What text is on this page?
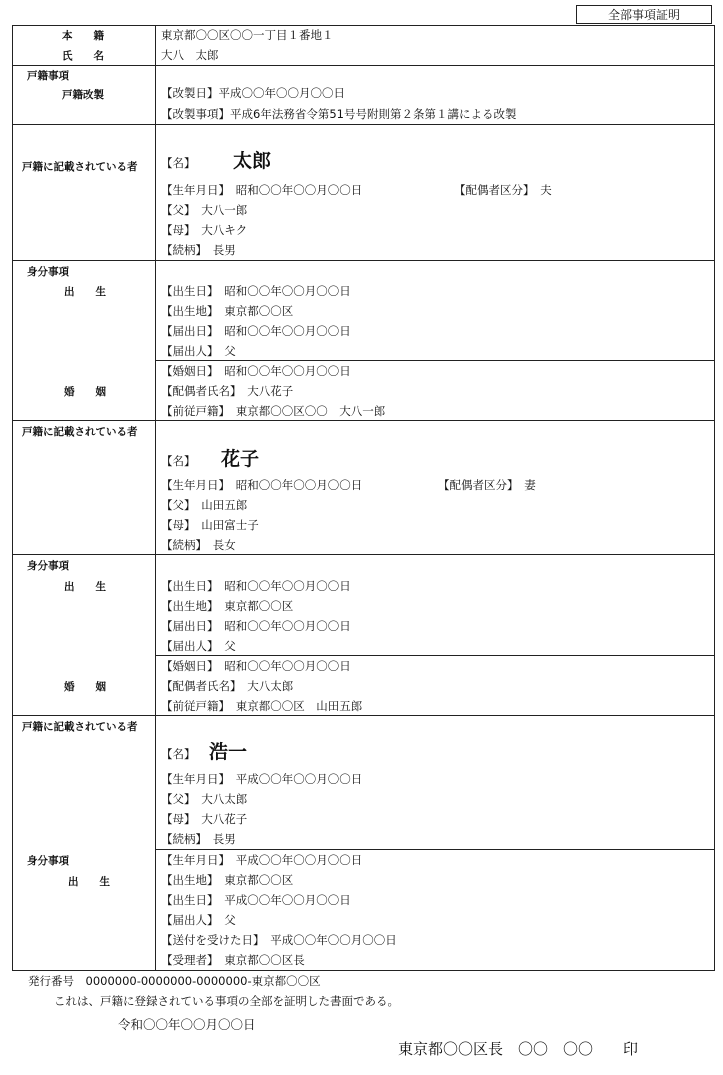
全部事項証明
本　　籍	東京都〇〇区〇〇一丁目１番地１
氏　　名	大八　太郎
戸籍事項
戸籍改製	【改製日】平成〇〇年〇〇月〇〇日
【改製事項】平成6年法務省令第51号号附則第２条第１講による改製
戸籍に記載されている者 【名】 太郎
【生年月日】　昭和〇〇年〇〇月〇〇日	【配偶者区分】　夫
【父】　大八一郎
【母】　大八キク
【続柄】　長男
身分事項
出　　生	【出生日】　昭和〇〇年〇〇月〇〇日
【出生地】　東京都〇〇区
【届出日】　昭和〇〇年〇〇月〇〇日
【届出人】　父
婚　　姻
【婚姻日】　昭和〇〇年〇〇月〇〇日
【配偶者氏名】　大八花子
【前従戸籍】　東京都〇〇区〇〇　大八一郎
戸籍に記載されている者
【名】 花子
【生年月日】　昭和〇〇年〇〇月〇〇日	【配偶者区分】　妻
【父】　山田五郎
【母】　山田富士子
【続柄】　長女
身分事項
出　　生	【出生日】　昭和〇〇年〇〇月〇〇日
【出生地】　東京都〇〇区
【届出日】　昭和〇〇年〇〇月〇〇日
【届出人】　父
婚　　姻
【婚姻日】　昭和〇〇年〇〇月〇〇日
【配偶者氏名】　大八太郎
【前従戸籍】　東京都〇〇区　山田五郎
戸籍に記載されている者
【名】 浩一
【生年月日】　平成〇〇年〇〇月〇〇日
【父】　大八太郎
【母】　大八花子
【続柄】　長男
身分事項
出　　生
【生年月日】　平成〇〇年〇〇月〇〇日
【出生地】　東京都〇〇区
【出生日】　平成〇〇年〇〇月〇〇日
【届出人】　父
【送付を受けた日】　平成〇〇年〇〇月〇〇日
【受理者】　東京都〇〇区長
発行番号　0000000-0000000-0000000-東京都〇〇区
これは、戸籍に登録されている事項の全部を証明した書面である。
令和〇〇年〇〇月〇〇日
東京都〇〇区長　〇〇　〇〇　　印
